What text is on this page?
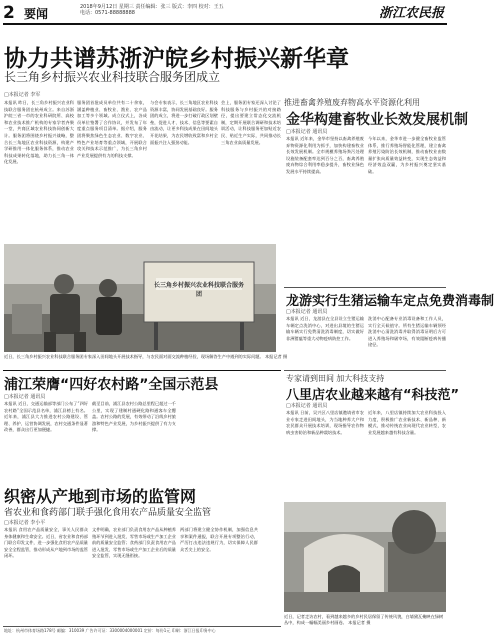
2 要闻	2018年9月12日 星期三 责任编辑：张三 版式：李四 校对：王五 电话：0571-88888888	浙江农民报
协力共谱苏浙沪皖乡村振兴新华章
长三角乡村振兴农业科技联合服务团成立
□本报记者 李军
本报讯 昨日，长三角乡村振兴农业科技联合服务团在杭州成立。来自苏浙沪皖三省一市的农业科研院所、高校和农业技术推广机构的专家学者齐聚一堂，共商区域农业科技协同创新大计。服务团将围绕乡村振兴战略，整合长三角地区农业科技资源，构建产学研推用一体化服务体系，推动农业科技成果转化落地，助力长三角一体化发展。
服务团首批成员单位共有二十余家，涵盖种植业、畜牧业、渔业、农产品加工等多个领域。成立仪式上，各成员单位签署了合作协议，并发布了年度重点服务项目清单。据介绍，服务团将聚焦绿色生态农业、数字农业、特色产业培育等重点领域，开展联合攻关和技术示范推广，为长三角乡村产业发展提供有力的科技支撑。
与会专家表示，长三角地区农业科技资源丰富，协同发展基础良好。服务团的成立，将进一步打破行政区划壁垒，促进人才、技术、信息等要素自由流动，让更多科技成果在田间地头开花结果，为农民增收致富和乡村全面振兴注入强劲动能。
会上，服务团专家还深入讨论了科技服务与乡村振兴的对接路径，提出要建立常态化交流机制，定期开展联合调研和技术培训活动，让科技服务更加贴近农民、贴近生产实际，共同推动长三角农业高质量发展。
长三角乡村振兴农业科技联合服务团
近日，长三角乡村振兴农业科技联合服务团专家深入田间地头开展技术指导，与农民面对面交流种植经验，现场解答生产中遇到的实际问题。 本报记者 摄
推进畜禽养殖废弃物高水平资源化利用
金华构建畜牧业长效发展机制
□本报记者 通讯员
本报讯 近年来，金华市坚持以畜禽养殖废弃物资源化利用为抓手，加快构建畜牧业长效发展机制。全市规模养殖场粪污处理设施装备配套率达到百分之百，畜禽养殖废弃物综合利用率稳步提升，畜牧业绿色发展水平持续提高。
今年以来，金华市进一步健全畜牧业监管体系，推行养殖场智能化管理，建立畜禽养殖污染防治长效机制，推动畜牧业由数量扩张向质量效益转变，实现生态效益和经济效益双赢，为乡村振兴奠定坚实基础。
龙游实行生猪运输车定点免费消毒制
□本报记者 通讯员
本报讯 近日，龙游县在全县设立生猪运输车辆定点洗消中心，对进出县境的生猪运输车辆实行免费清洗消毒制度，切实做好非洲猪瘟等重大动物疫病防控工作。
洗消中心配备专业消毒设备和工作人员，实行全天候值守。所有生猪运输车辆须经洗消中心清洗消毒并取得消毒证明后方可进入养殖场和屠宰场，有效阻断疫病传播途径。
专家请到田间 加大科技支持
八里店农业越来越有“科技范”
□本报记者 通讯员
本报讯 日前，吴兴区八里店镇邀请省市农业专家走进田间地头，为当地种养大户和农民群众开展技术培训，现场指导农作物病虫害防治和新品种栽培技术。
近年来，八里店镇持续加大农业科技投入力度，积极推广农业新技术、新品种、新模式，推动传统农业向现代农业转型，农业发展越来越有科技含量。
浦江荣膺“四好农村路”全国示范县
□本报记者 通讯员
本报讯 近日，交通运输部等部门公布了“四好农村路”全国示范县名单，浦江县榜上有名。近年来，浦江县大力推进农村公路建设、管理、养护、运营协调发展，农村交通条件显著改善，群众出行更加便捷。
截至目前，浦江县农村公路总里程已超过一千公里，实现了建制村通硬化路和通客车全覆盖。农村公路的发展，有效带动了沿线乡村旅游和特色产业发展，为乡村振兴提供了有力支撑。
织密从产地到市场的监管网
省农业和食药部门联手强化食用农产品质量安全监管
□本报记者 李小平
本报讯 食用农产品质量安全，事关人民群众身体健康和生命安全。近日，省农业和食药部门联合印发文件，进一步强化食用农产品质量安全全程监管，推动形成从产地到市场的监管闭环。
文件明确，农业部门负责食用农产品从种植养殖环节到进入批发、零售市场或生产加工企业前的质量安全监管；食药部门负责食用农产品进入批发、零售市场或生产加工企业后的质量安全监管，实现无缝衔接。
两部门将建立健全协作机制，加强信息共享和案件通报，联合开展专项整治行动，严厉打击违法违规行为，切实保障人民群众舌尖上的安全。
近日，记者走访农村，看到越来越多的乡村民居保留了传统风貌，白墙黛瓦掩映在绿树丛中，构成一幅幅美丽乡村画卷。 本报记者 摄
地址：杭州市体育场路178号 邮编：310039 广告许可证：3300004000001 定价：每份1元 印刷：浙江日报印务中心
